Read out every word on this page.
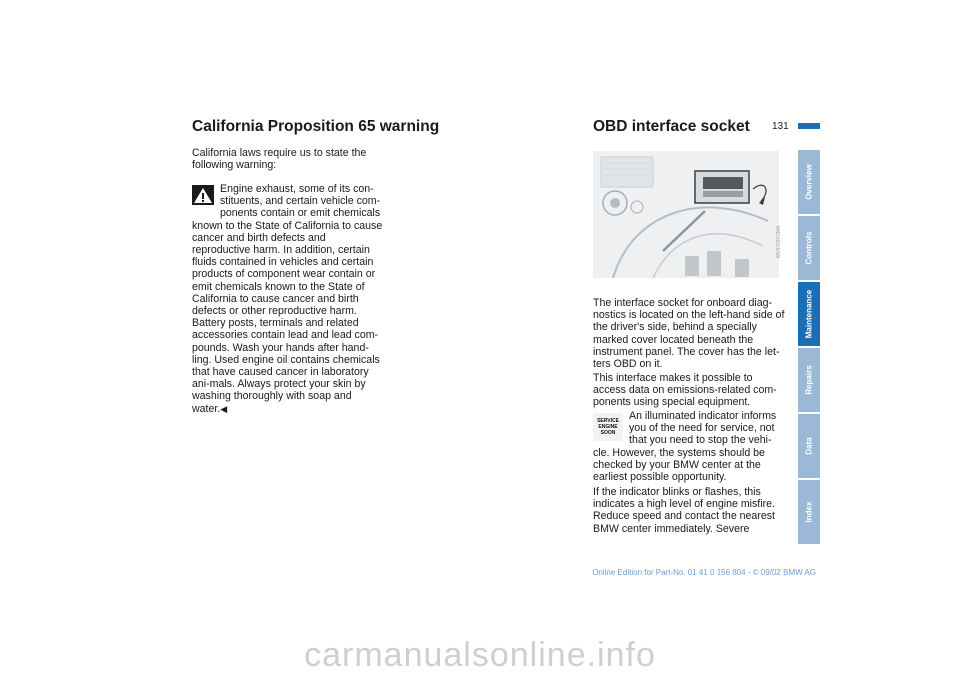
131
California Proposition 65 warning
California laws require us to state the following warning:
Engine exhaust, some of its con-stituents, and certain vehicle com-ponents contain or emit chemicals known to the State of California to cause cancer and birth defects and reproductive harm. In addition, certain fluids contained in vehicles and certain products of component wear contain or emit chemicals known to the State of California to cause cancer and birth defects or other reproductive harm. Battery posts, terminals and related accessories contain lead and lead com-pounds. Wash your hands after hand-ling. Used engine oil contains chemicals that have caused cancer in laboratory ani-mals. Always protect your skin by washing thoroughly with soap and water.◀
OBD interface socket
MV07097CMA
The interface socket for onboard diag-nostics is located on the left-hand side of the driver's side, behind a specially marked cover located beneath the instrument panel. The cover has the let-ters OBD on it.
This interface makes it possible to access data on emissions-related com-ponents using special equipment.
SERVICE
ENGINE
SOON
An illuminated indicator informs you of the need for service, not that you need to stop the vehi-cle. However, the systems should be checked by your BMW center at the earliest possible opportunity.
If the indicator blinks or flashes, this indicates a high level of engine misfire. Reduce speed and contact the nearest BMW center immediately. Severe
Overview
Controls
Maintenance
Repairs
Data
Index
Online Edition for Part-No. 01 41 0 156 804 - © 09/02 BMW AG
carmanualsonline.info
